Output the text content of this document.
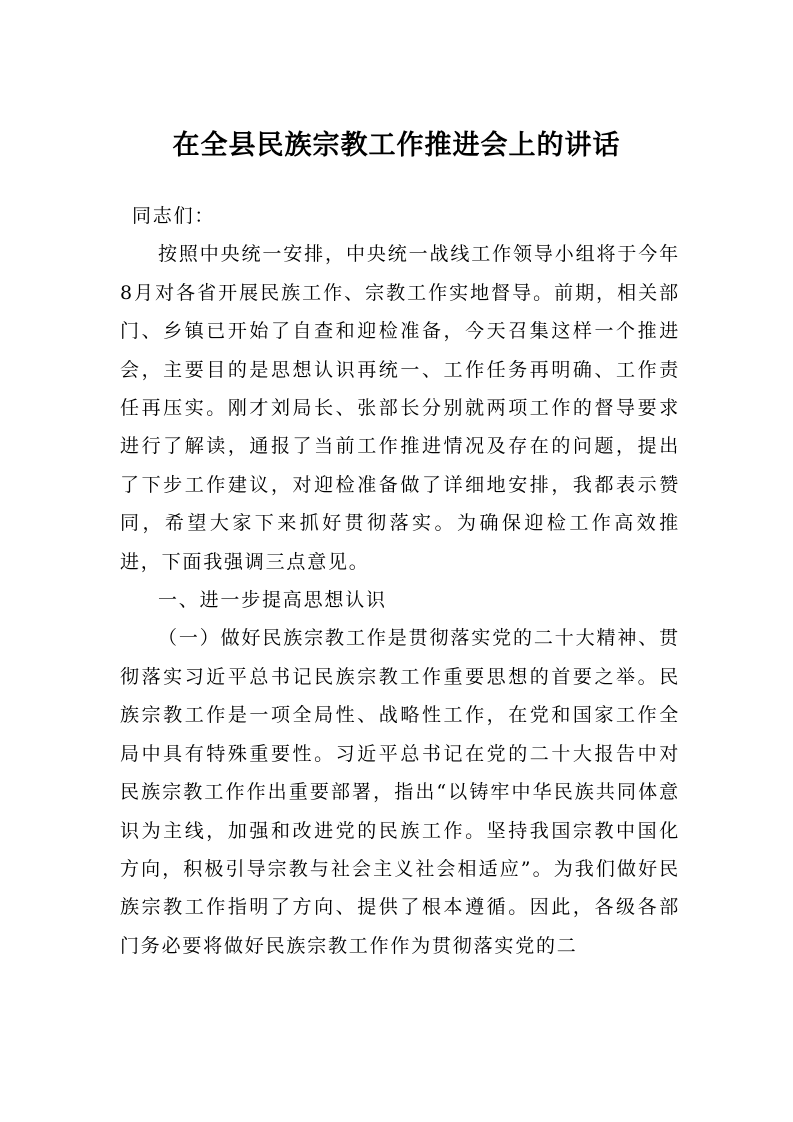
在全县民族宗教工作推进会上的讲话

同志们：

按照中央统一安排，中央统一战线工作领导小组将于今年8月对各省开展民族工作、宗教工作实地督导。前期，相关部门、乡镇已开始了自查和迎检准备，今天召集这样一个推进会，主要目的是思想认识再统一、工作任务再明确、工作责任再压实。刚才刘局长、张部长分别就两项工作的督导要求进行了解读，通报了当前工作推进情况及存在的问题，提出了下步工作建议，对迎检准备做了详细地安排，我都表示赞同，希望大家下来抓好贯彻落实。为确保迎检工作高效推进，下面我强调三点意见。

一、进一步提高思想认识

（一）做好民族宗教工作是贯彻落实党的二十大精神、贯彻落实习近平总书记民族宗教工作重要思想的首要之举。民族宗教工作是一项全局性、战略性工作，在党和国家工作全局中具有特殊重要性。习近平总书记在党的二十大报告中对民族宗教工作作出重要部署，指出“以铸牢中华民族共同体意识为主线，加强和改进党的民族工作。坚持我国宗教中国化方向，积极引导宗教与社会主义社会相适应”。为我们做好民族宗教工作指明了方向、提供了根本遵循。因此，各级各部门务必要将做好民族宗教工作作为贯彻落实党的二
